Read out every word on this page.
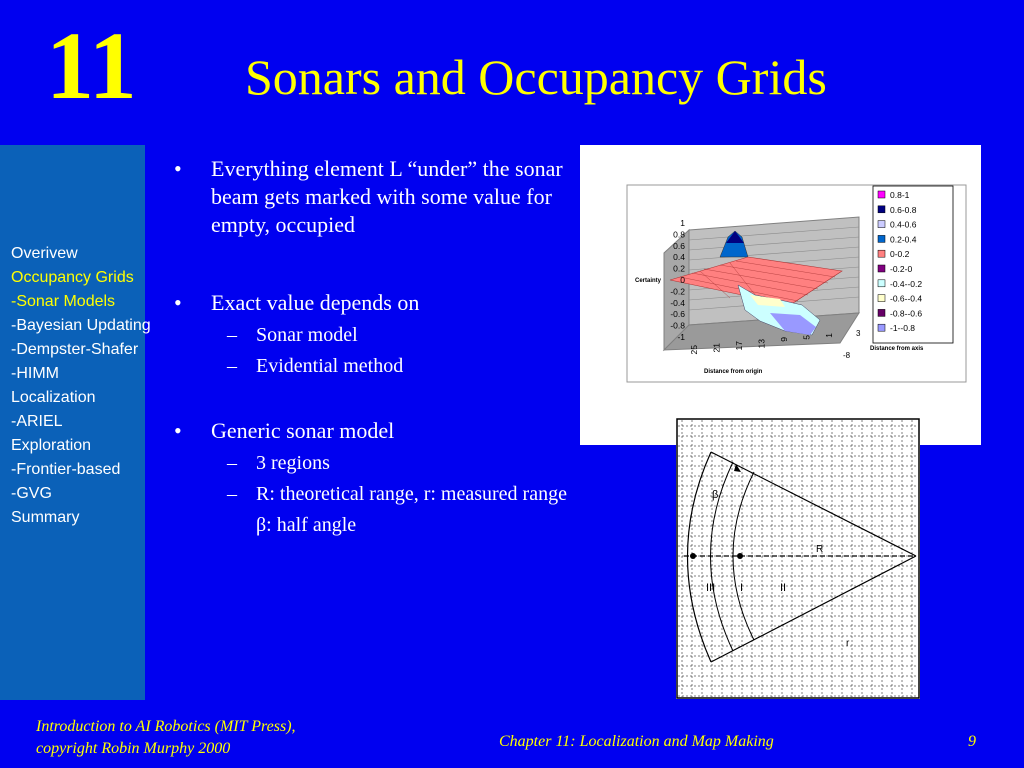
11 Sonars and Occupancy Grids
Overivew
Occupancy Grids
-Sonar Models
-Bayesian Updating
-Dempster-Shafer
-HIMM
Localization
-ARIEL
Exploration
-Frontier-based
-GVG
Summary
• Everything element L “under” the sonar beam gets marked with some value for empty, occupied
• Exact value depends on
– Sonar model
– Evidential method
• Generic sonar model
– 3 regions
– R: theoretical range, r: measured range
β: half angle
Certainty
1
0.8
0.6
0.4
0.2
0
-0.2
-0.4
-0.6
-0.8
-1
25 21 17 13 9 5 1
Distance from origin
3
-8
Distance from axis
0.8-1
0.6-0.8
0.4-0.6
0.2-0.4
0-0.2
-0.2-0
-0.4--0.2
-0.6--0.4
-0.8--0.6
-1--0.8
β
R
r
III I	II
Introduction to AI Robotics (MIT Press),
copyright Robin Murphy 2000	Chapter 11: Localization and Map Making	9
